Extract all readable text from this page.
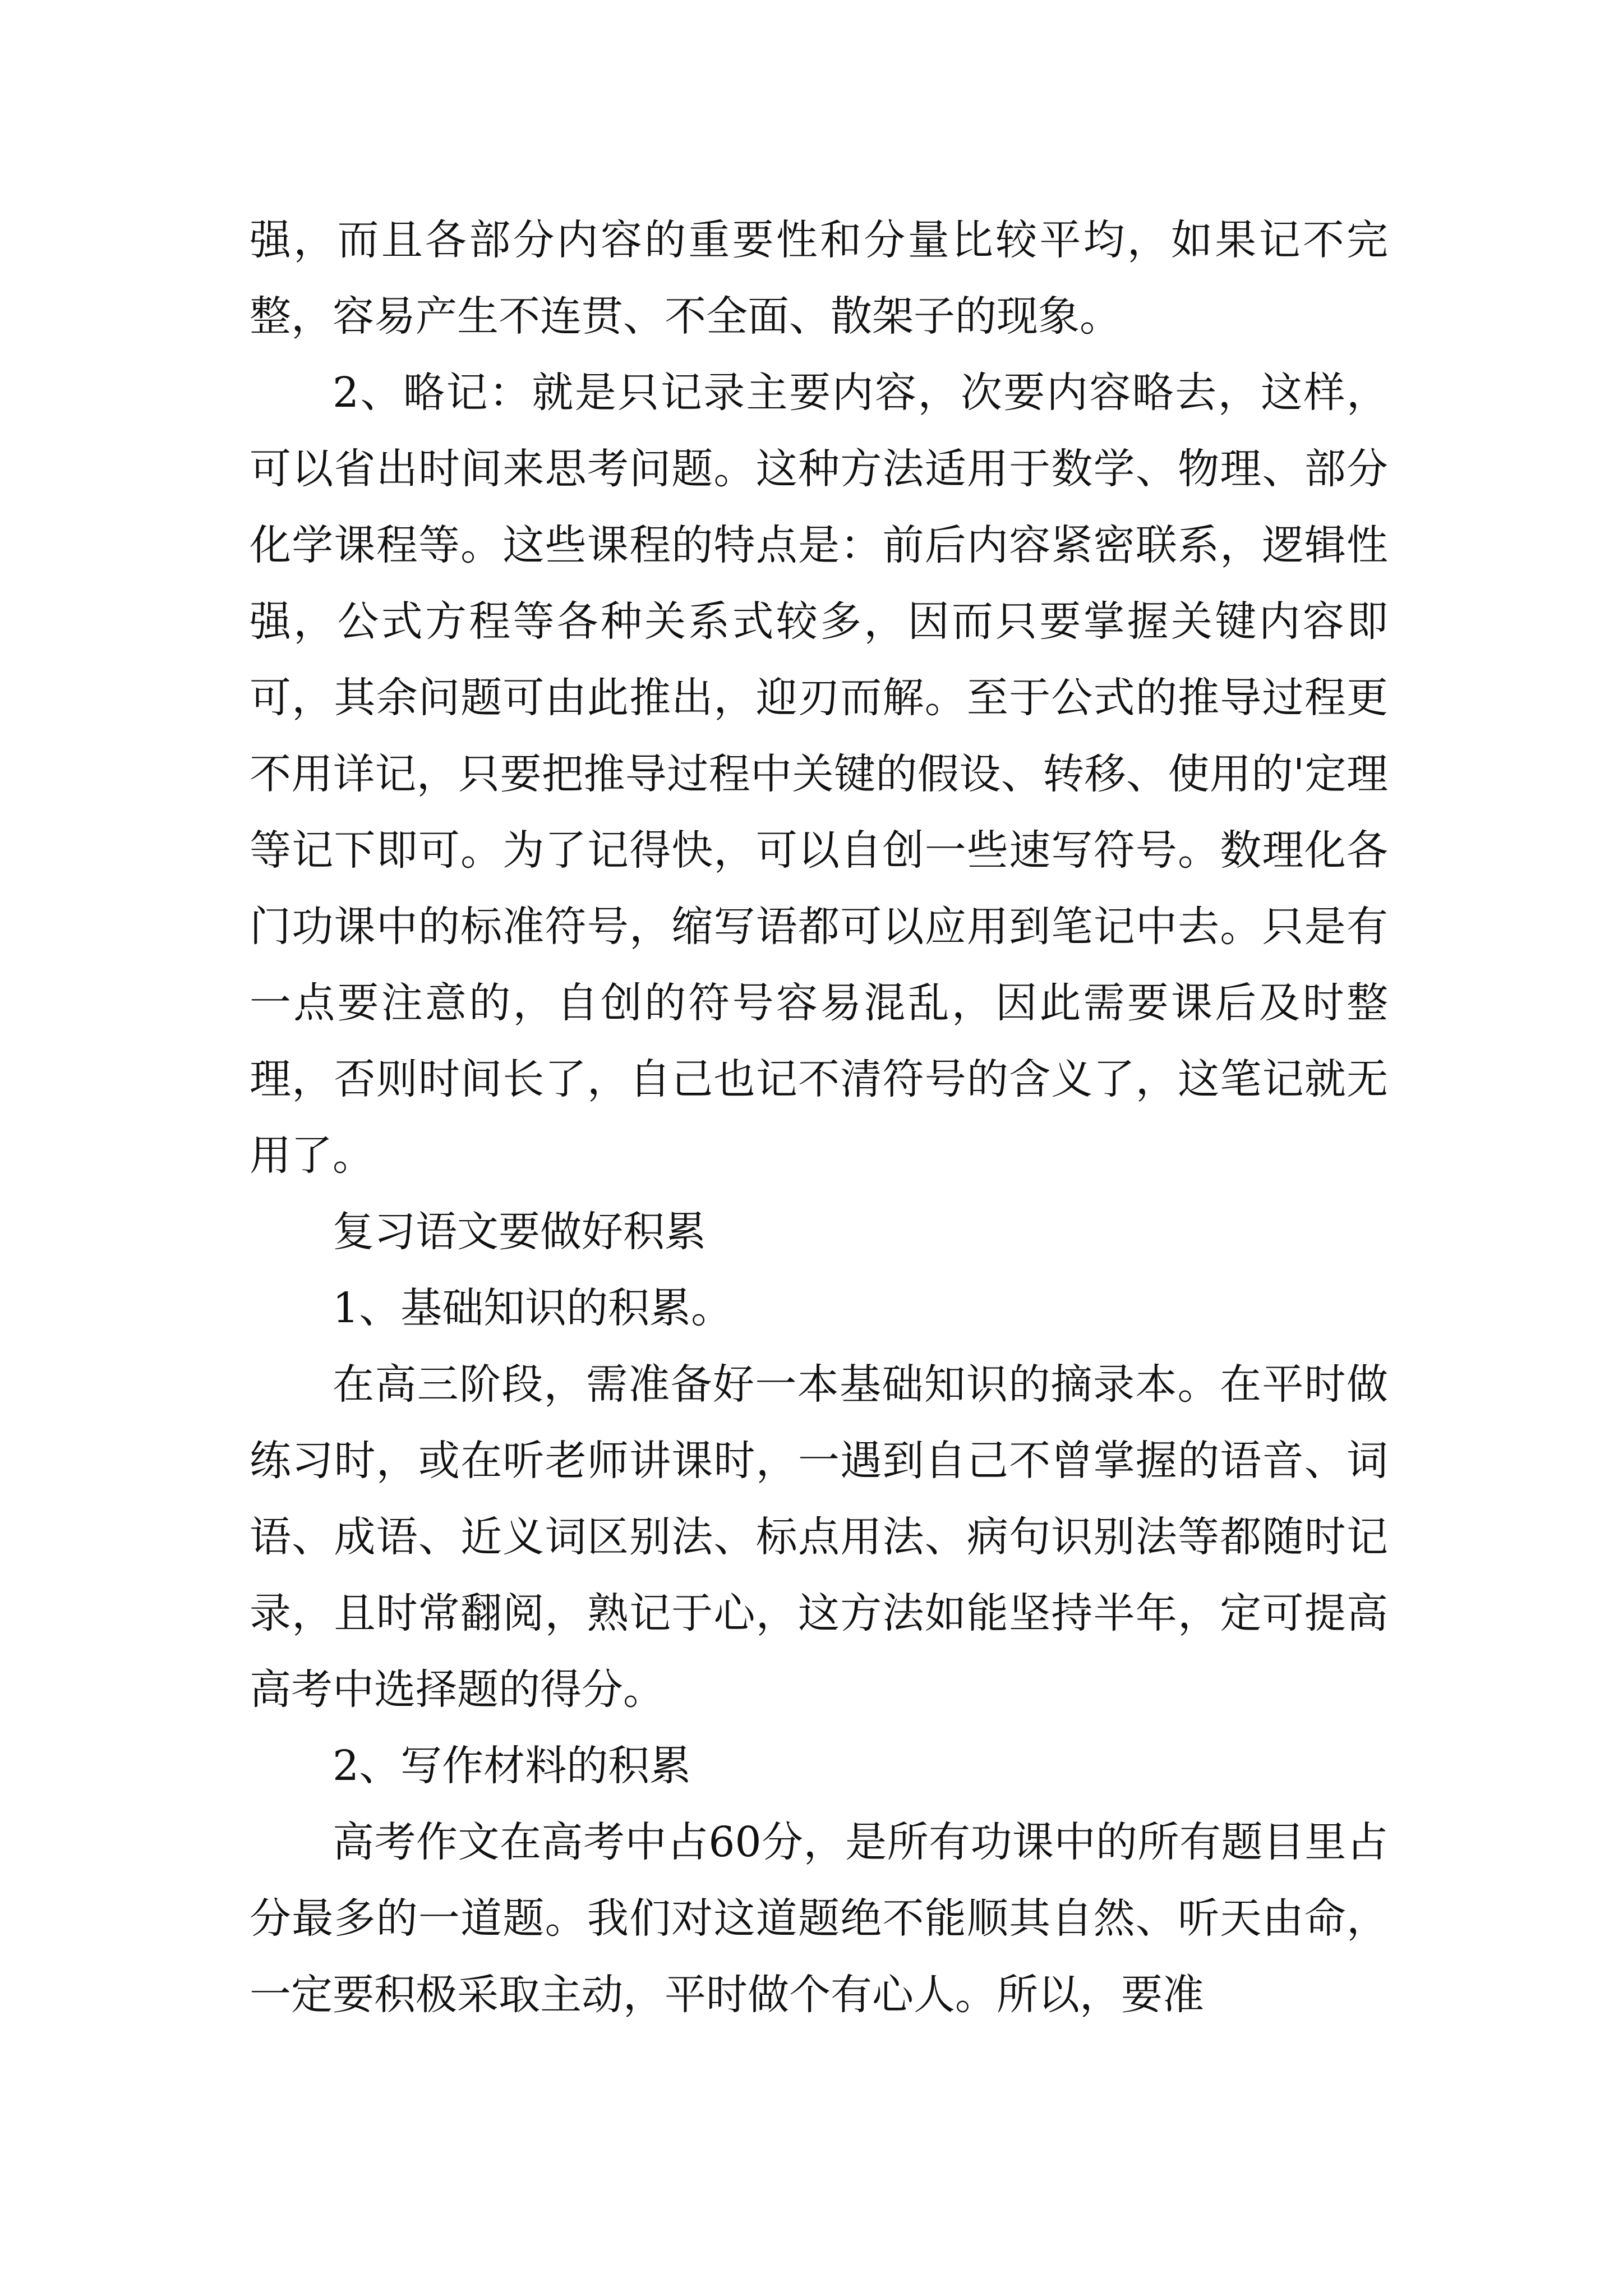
强，而且各部分内容的重要性和分量比较平均，如果记不完整，容易产生不连贯、不全面、散架子的现象。

2、略记：就是只记录主要内容，次要内容略去，这样，可以省出时间来思考问题。这种方法适用于数学、物理、部分化学课程等。这些课程的特点是：前后内容紧密联系，逻辑性强，公式方程等各种关系式较多，因而只要掌握关键内容即可，其余问题可由此推出，迎刃而解。至于公式的推导过程更不用详记，只要把推导过程中关键的假设、转移、使用的'定理等记下即可。为了记得快，可以自创一些速写符号。数理化各门功课中的标准符号，缩写语都可以应用到笔记中去。只是有一点要注意的，自创的符号容易混乱，因此需要课后及时整理，否则时间长了，自己也记不清符号的含义了，这笔记就无用了。

复习语文要做好积累

1、基础知识的积累。

在高三阶段，需准备好一本基础知识的摘录本。在平时做练习时，或在听老师讲课时，一遇到自己不曾掌握的语音、词语、成语、近义词区别法、标点用法、病句识别法等都随时记录，且时常翻阅，熟记于心，这方法如能坚持半年，定可提高高考中选择题的得分。

2、写作材料的积累

高考作文在高考中占60分，是所有功课中的所有题目里占分最多的一道题。我们对这道题绝不能顺其自然、听天由命，一定要积极采取主动，平时做个有心人。所以，要准
